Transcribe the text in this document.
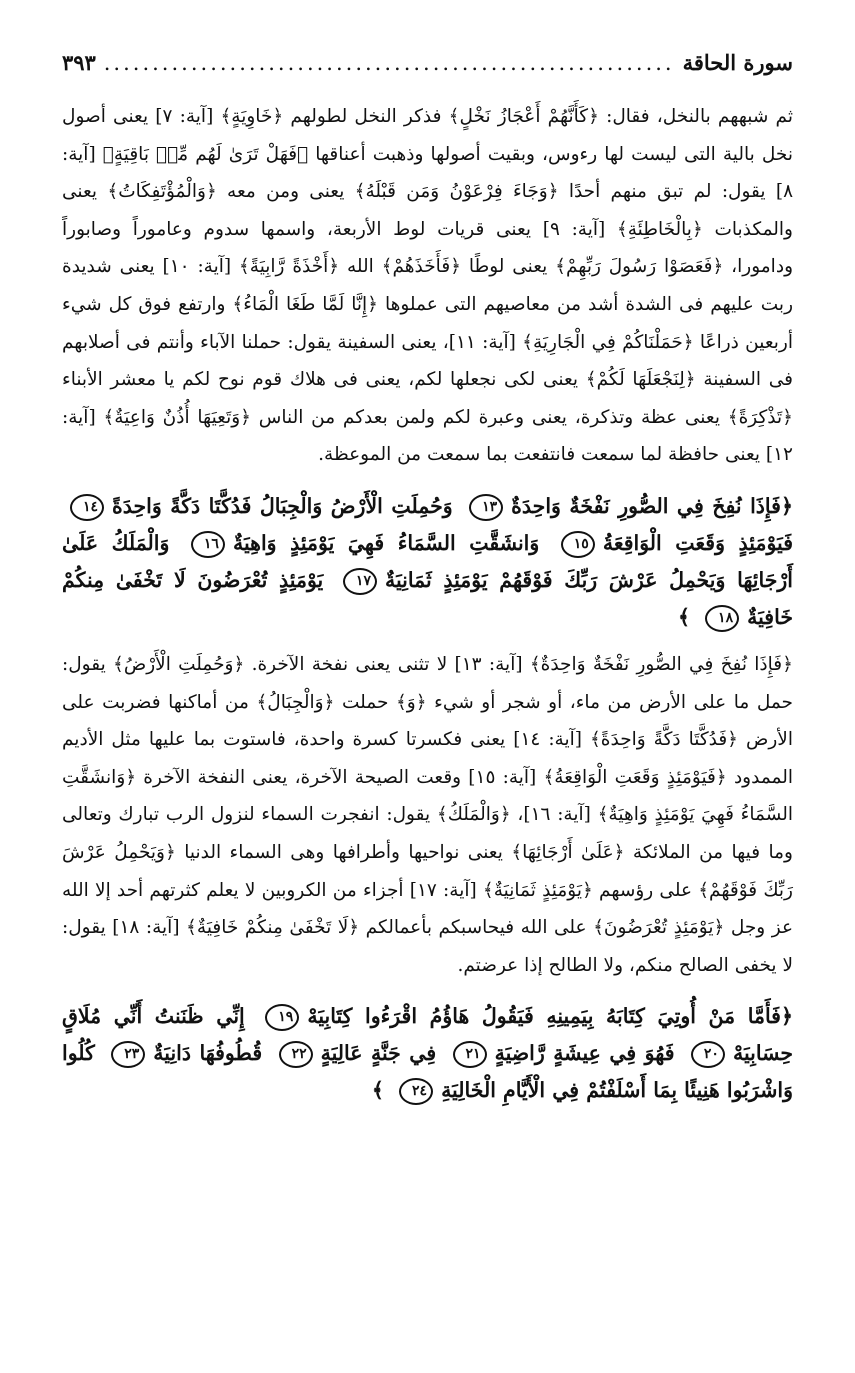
سورة الحاقة
.....
٣٩٣

ثم شبههم بالنخل، فقال: ﴿كَأَنَّهُمْ أَعْجَازُ نَخْلٍ﴾ فذكر النخل لطولهم ﴿خَاوِيَةٍ﴾ [آية: ٧] يعنى أصول نخل بالية التى ليست لها رءوس، وبقيت أصولها وذهبت أعناقها ﴿فَهَلْ تَرَىٰ لَهُم مِّنۢ بَاقِيَةٍ﴾ [آية: ٨] يقول: لم تبق منهم أحدًا ﴿وَجَاءَ فِرْعَوْنُ وَمَن قَبْلَهُ﴾ يعنى ومن معه ﴿وَالْمُؤْتَفِكَاتُ﴾ يعنى والمكذبات ﴿بِالْخَاطِئَةِ﴾ [آية: ٩] يعنى قريات لوط الأربعة، واسمها سدوم وعاموراً وصابوراً ودامورا، ﴿فَعَصَوْا رَسُولَ رَبِّهِمْ﴾ يعنى لوطًا ﴿فَأَخَذَهُمْ﴾ الله ﴿أَخْذَةً رَّابِيَةً﴾ [آية: ١٠] يعنى شديدة ربت عليهم فى الشدة أشد من معاصيهم التى عملوها ﴿إِنَّا لَمَّا طَغَا الْمَاءُ﴾ وارتفع فوق كل شيء أربعين ذراعًا ﴿حَمَلْنَاكُمْ فِي الْجَارِيَةِ﴾ [آية: ١١]، يعنى السفينة يقول: حملنا الآباء وأنتم فى أصلابهم فى السفينة ﴿لِنَجْعَلَهَا لَكُمْ﴾ يعنى لكى نجعلها لكم، يعنى فى هلاك قوم نوح لكم يا معشر الأبناء ﴿تَذْكِرَةً﴾ يعنى عظة وتذكرة، يعنى وعبرة لكم ولمن بعدكم من الناس ﴿وَتَعِيَهَا أُذُنٌ وَاعِيَةٌ﴾ [آية: ١٢] يعنى حافظة لما سمعت فانتفعت بما سمعت من الموعظة.

﴿فَإِذَا نُفِخَ فِي الصُّورِ نَفْخَةٌ وَاحِدَةٌ١٣ وَحُمِلَتِ الْأَرْضُ وَالْجِبَالُ فَدُكَّتَا دَكَّةً وَاحِدَةً١٤ فَيَوْمَئِذٍ وَقَعَتِ الْوَاقِعَةُ١٥ وَانشَقَّتِ السَّمَاءُ فَهِيَ يَوْمَئِذٍ وَاهِيَةٌ١٦ وَالْمَلَكُ عَلَىٰ أَرْجَائِهَا وَيَحْمِلُ عَرْشَ رَبِّكَ فَوْقَهُمْ يَوْمَئِذٍ ثَمَانِيَةٌ١٧ يَوْمَئِذٍ تُعْرَضُونَ لَا تَخْفَىٰ مِنكُمْ خَافِيَةٌ١٨ ﴾

﴿فَإِذَا نُفِخَ فِي الصُّورِ نَفْخَةٌ وَاحِدَةٌ﴾ [آية: ١٣] لا تثنى يعنى نفخة الآخرة. ﴿وَحُمِلَتِ الْأَرْضُ﴾ يقول: حمل ما على الأرض من ماء، أو شجر أو شيء ﴿وَ﴾ حملت ﴿وَالْجِبَالُ﴾ من أماكنها فضربت على الأرض ﴿فَدُكَّتَا دَكَّةً وَاحِدَةً﴾ [آية: ١٤] يعنى فكسرتا كسرة واحدة، فاستوت بما عليها مثل الأديم الممدود ﴿فَيَوْمَئِذٍ وَقَعَتِ الْوَاقِعَةُ﴾ [آية: ١٥] وقعت الصيحة الآخرة، يعنى النفخة الآخرة ﴿وَانشَقَّتِ السَّمَاءُ فَهِيَ يَوْمَئِذٍ وَاهِيَةٌ﴾ [آية: ١٦]، ﴿وَالْمَلَكُ﴾ يقول: انفجرت السماء لنزول الرب تبارك وتعالى وما فيها من الملائكة ﴿عَلَىٰ أَرْجَائِهَا﴾ يعنى نواحيها وأطرافها وهى السماء الدنيا ﴿وَيَحْمِلُ عَرْشَ رَبِّكَ فَوْقَهُمْ﴾ على رؤسهم ﴿يَوْمَئِذٍ ثَمَانِيَةٌ﴾ [آية: ١٧] أجزاء من الكروبين لا يعلم كثرتهم أحد إلا الله عز وجل ﴿يَوْمَئِذٍ تُعْرَضُونَ﴾ على الله فيحاسبكم بأعمالكم ﴿لَا تَخْفَىٰ مِنكُمْ خَافِيَةٌ﴾ [آية: ١٨] يقول: لا يخفى الصالح منكم، ولا الطالح إذا عرضتم.

﴿فَأَمَّا مَنْ أُوتِيَ كِتَابَهُ بِيَمِينِهِ فَيَقُولُ هَاؤُمُ اقْرَءُوا كِتَابِيَهْ١٩ إِنِّي ظَنَنتُ أَنِّي مُلَاقٍ حِسَابِيَهْ٢٠ فَهُوَ فِي عِيشَةٍ رَّاضِيَةٍ٢١ فِي جَنَّةٍ عَالِيَةٍ٢٢ قُطُوفُهَا دَانِيَةٌ٢٣ كُلُوا وَاشْرَبُوا هَنِيئًا بِمَا أَسْلَفْتُمْ فِي الْأَيَّامِ الْخَالِيَةِ٢٤ ﴾
